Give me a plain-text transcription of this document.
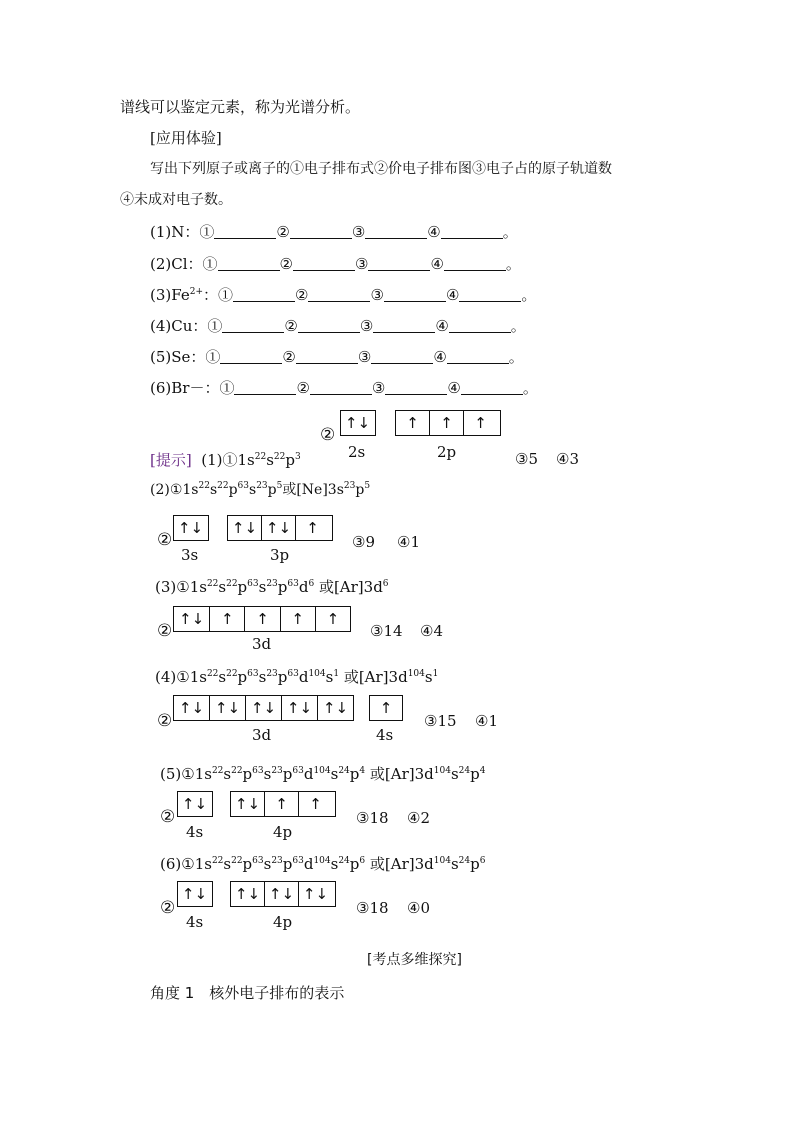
谱线可以鉴定元素，称为光谱分析。
[应用体验]
写出下列原子或离子的①电子排布式②价电子排布图③电子占的原子轨道数
④未成对电子数。
(1)N：①	②	③	④	。
(2)Cl：①	②	③	④	。
$(3)Fe^{2+}$：①	②	③	④	。
(4)Cu：①	②	③	④	。
(5)Se：①	②	③	④	。
(6)Br－：①	②	③	④	。
②
↑↓	↑	↑	↑
2s	2p
[提示] $(1)①1s^{22}s^{22}p^3$	③5 ④3
$(2)①1s^{22}s^{22}p^{63}s^{23}p^5$或$[Ne]3s^{23}p^5$
②
↑↓ ↑↓ ↑↓	↑
3s	3p
③9 ④1
$(3)①1s^{22}s^{22}p^{63}s^{23}p^{63}d^6$ 或$[Ar]3d^6$
②
↑↓	↑	↑	↑	↑
3d
③14 ④4
$(4)①1s^{22}s^{22}p^{63}s^{23}p^{63}d^{104}s^1$ 或$[Ar]3d^{104}s^1$
②
↑↓ ↑↓ ↑↓ ↑↓ ↑↓	↑
3d	4s
③15 ④1
$(5)①1s^{22}s^{22}p^{63}s^{23}p^{63}d^{104}s^{24}p^4$ 或$[Ar]3d^{104}s^{24}p^4$
②
↑↓ ↑↓	↑	↑
4s	4p
③18 ④2
$(6)①1s^{22}s^{22}p^{63}s^{23}p^{63}d^{104}s^{24}p^6$ 或$[Ar]3d^{104}s^{24}p^6$
②
↑↓ ↑↓ ↑↓ ↑↓
4s	4p
③18 ④0
[考点多维探究]
角度 1　核外电子排布的表示
